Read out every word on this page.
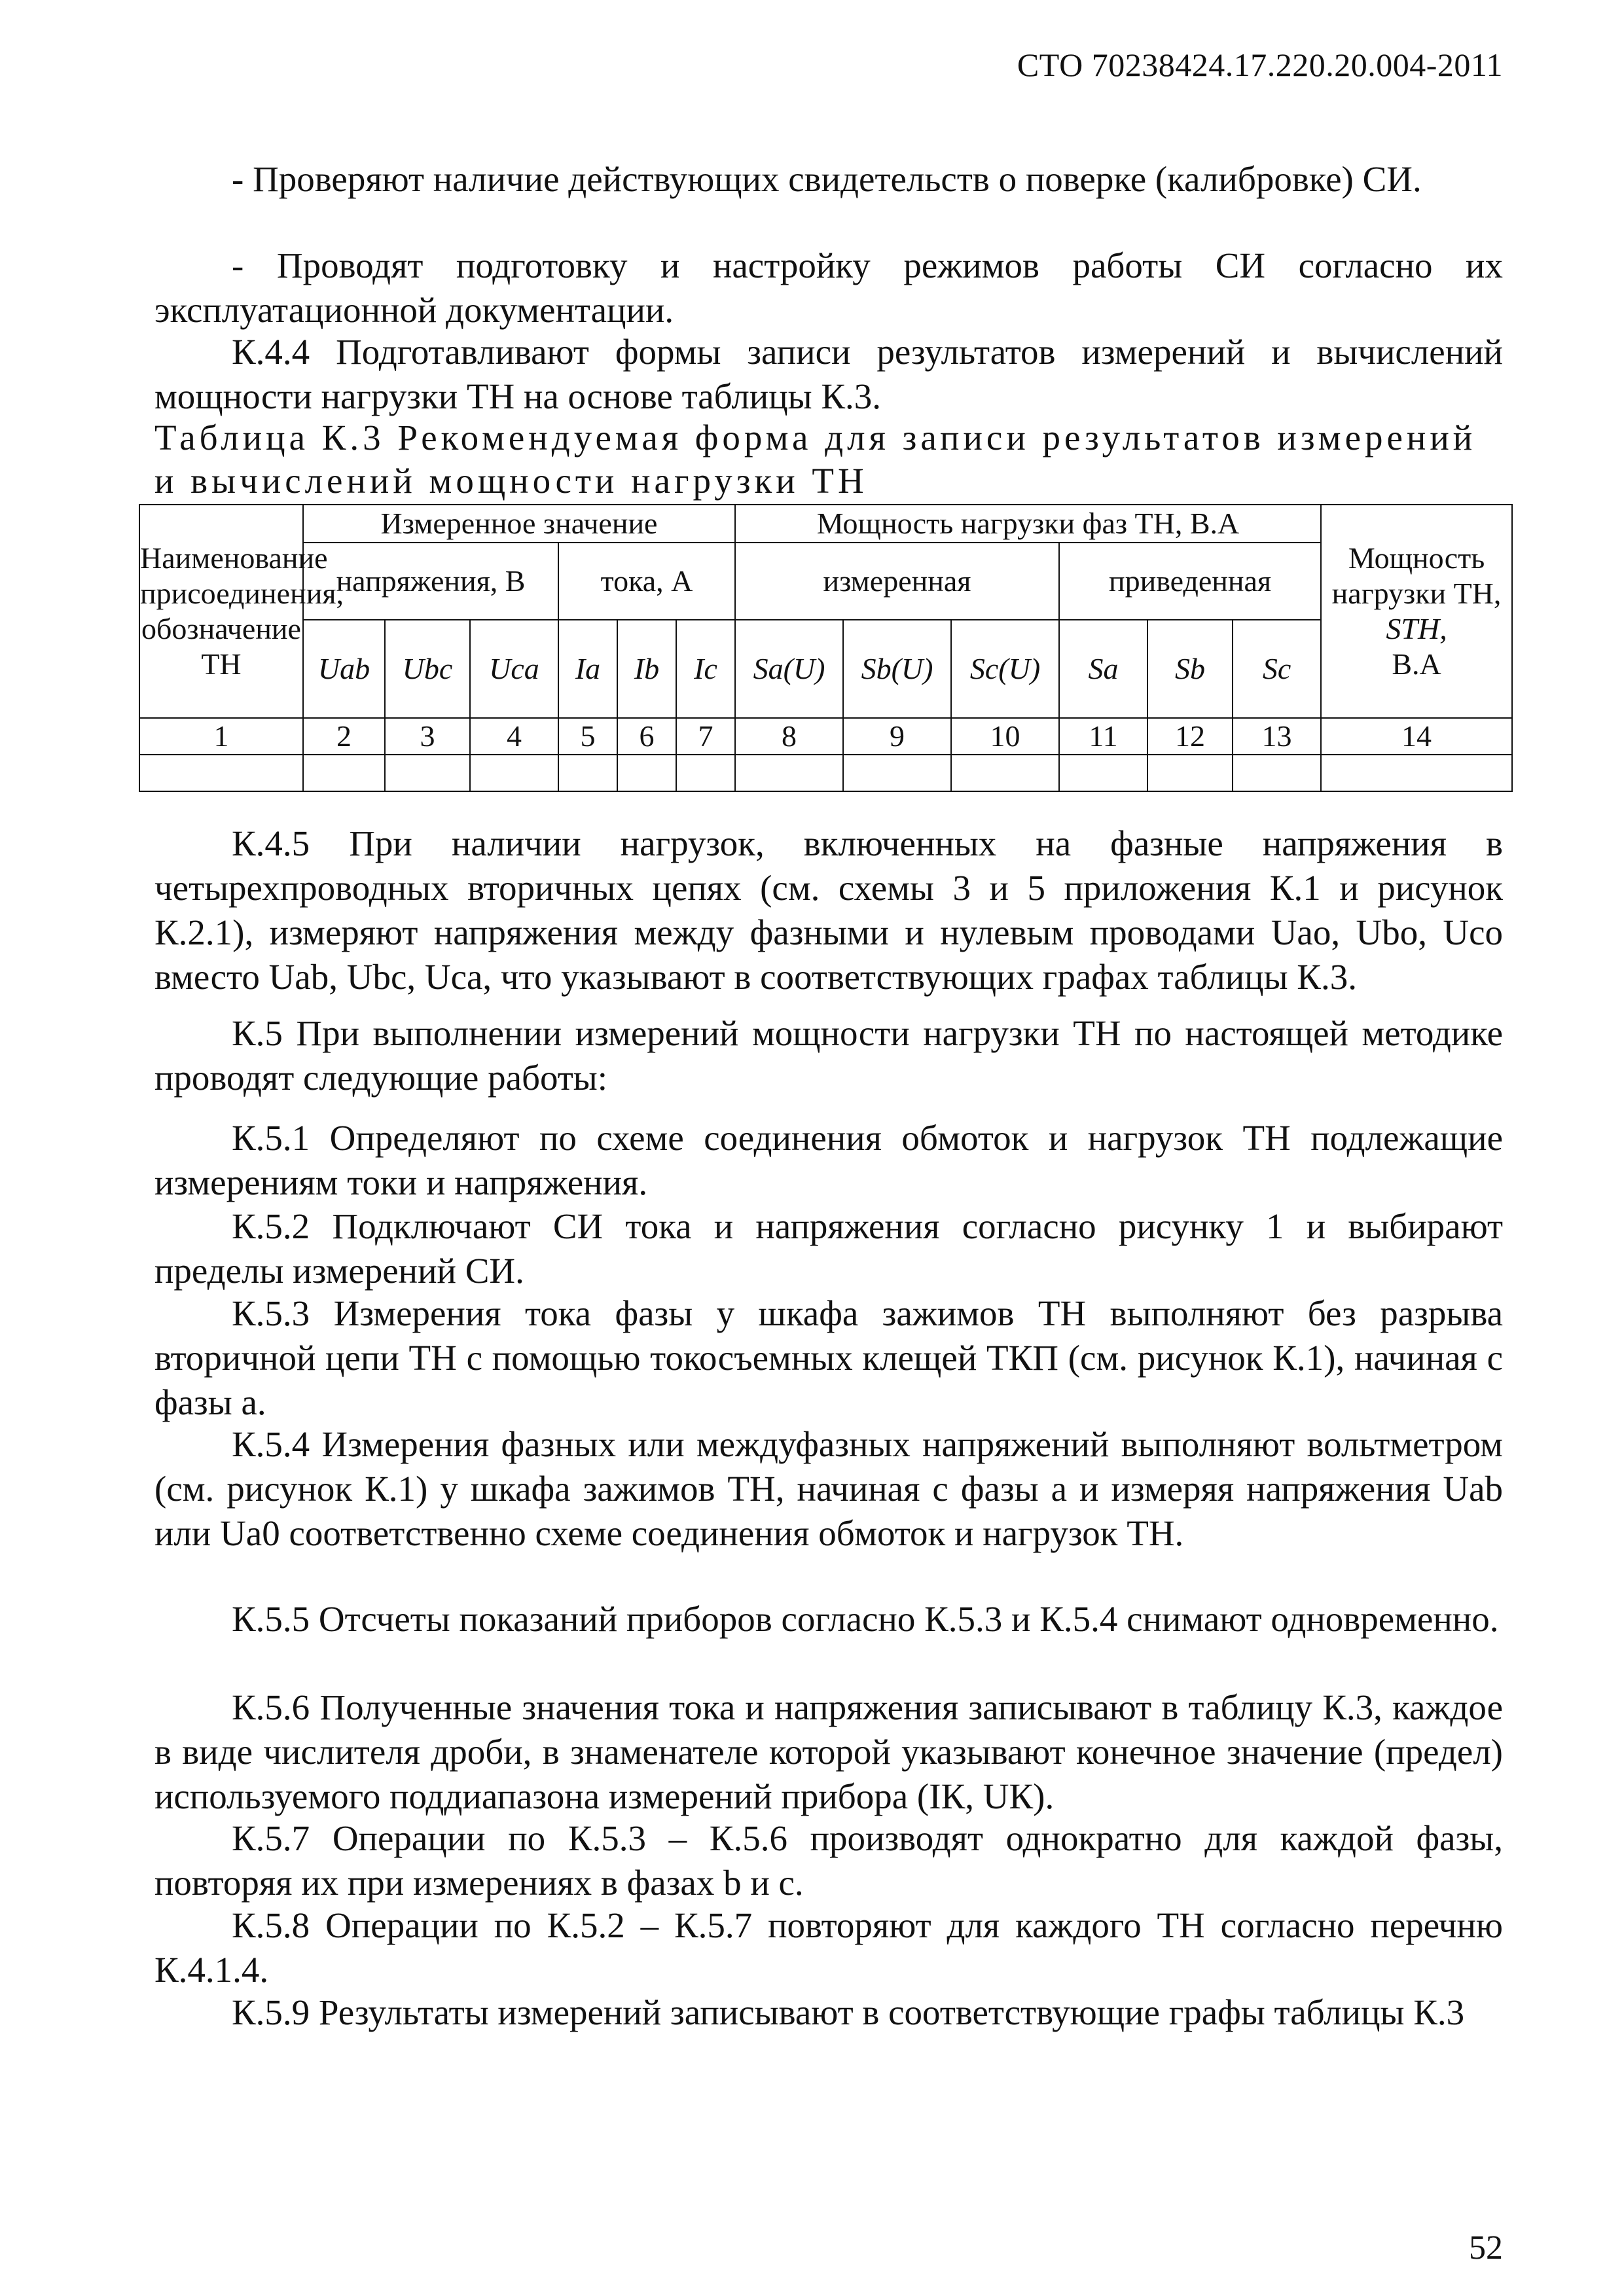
СТО 70238424.17.220.20.004-2011

- Проверяют наличие действующих свидетельств о поверке (калибровке) СИ.

- Проводят подготовку и настройку режимов работы СИ согласно их эксплуатационной документации.

К.4.4 Подготавливают формы записи результатов измерений и вычислений мощности нагрузки ТН на основе таблицы К.3.

Таблица К.3 Рекомендуемая форма для записи результатов измерений и вычислений мощности нагрузки ТН

Наименование присоединения, обозначение ТН	Измеренное значение						Мощность нагрузки фаз ТН, В.А						Мощность нагрузки ТН, STH,
В.А
	напряжения, В			тока, А			измеренная			приведенная			
	Uab	Ubc	Uca	Ia	Ib	Ic	Sa(U)	Sb(U)	Sc(U)	Sa	Sb	Sc	
1	2	3	4	5	6	7	8	9	10	11	12	13	14

К.4.5 При наличии нагрузок, включенных на фазные напряжения в четырехпроводных вторичных цепях (см. схемы 3 и 5 приложения К.1 и рисунок К.2.1), измеряют напряжения между фазными и нулевым проводами Uao, Ubo, Uco вместо Uab, Ubc, Uca, что указывают в соответствующих графах таблицы К.3.

К.5 При выполнении измерений мощности нагрузки ТН по настоящей методике проводят следующие работы:

К.5.1 Определяют по схеме соединения обмоток и нагрузок ТН подлежащие измерениям токи и напряжения.

К.5.2 Подключают СИ тока и напряжения согласно рисунку 1 и выбирают пределы измерений СИ.

К.5.3 Измерения тока фазы у шкафа зажимов ТН выполняют без разрыва вторичной цепи ТН с помощью токосъемных клещей ТКП (см. рисунок К.1), начиная с фазы а.

К.5.4 Измерения фазных или междуфазных напряжений выполняют вольтметром (см. рисунок К.1) у шкафа зажимов ТН, начиная с фазы а и измеряя напряжения Uab или Ua0 соответственно схеме соединения обмоток и нагрузок ТН.

К.5.5 Отсчеты показаний приборов согласно К.5.3 и К.5.4 снимают одновременно.

К.5.6 Полученные значения тока и напряжения записывают в таблицу К.3, каждое в виде числителя дроби, в знаменателе которой указывают конечное значение (предел) используемого поддиапазона измерений прибора (IК, UК).

К.5.7 Операции по К.5.3 – К.5.6 производят однократно для каждой фазы, повторяя их при измерениях в фазах b и c.

К.5.8 Операции по К.5.2 – К.5.7 повторяют для каждого ТН согласно перечню К.4.1.4.

К.5.9 Результаты измерений записывают в соответствующие графы таблицы К.3

52
